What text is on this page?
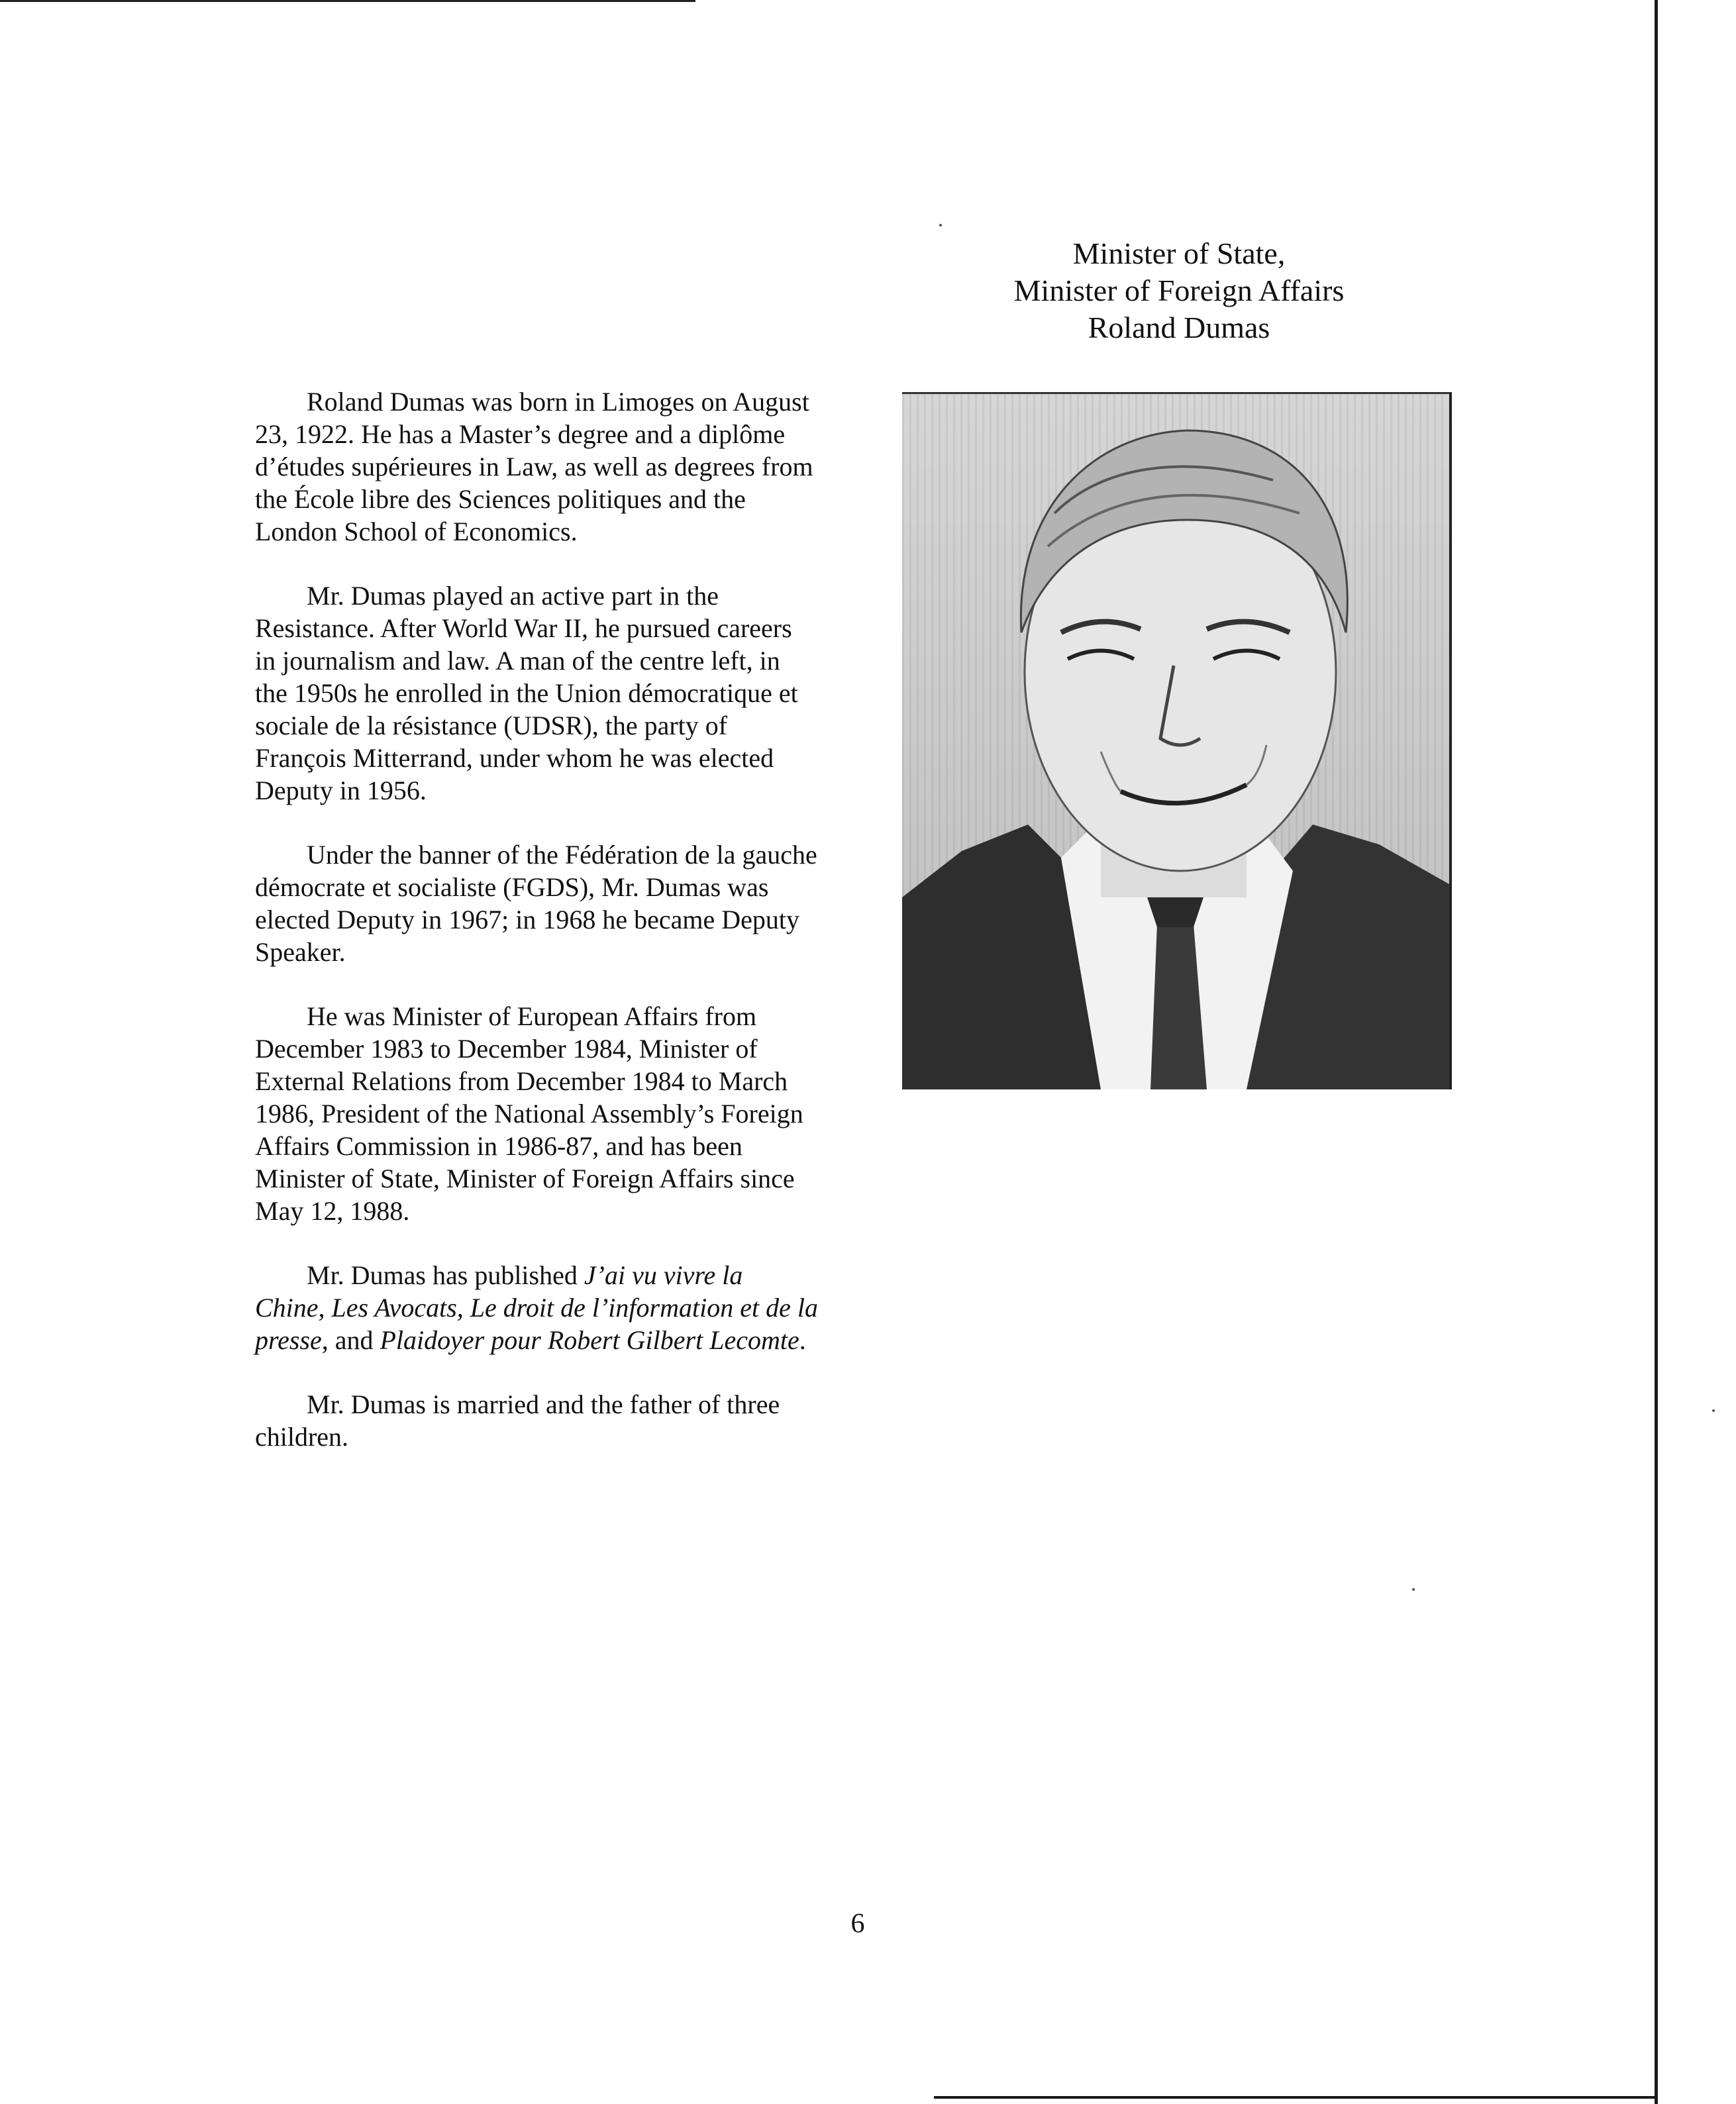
Minister of State,
Minister of Foreign Affairs
Roland Dumas

Roland Dumas was born in Limoges on August 23, 1922. He has a Master’s degree and a diplôme d’études supérieures in Law, as well as degrees from the École libre des Sciences politiques and the London School of Economics.

Mr. Dumas played an active part in the Resistance. After World War II, he pursued careers in journalism and law. A man of the centre left, in the 1950s he enrolled in the Union démocratique et sociale de la résistance (UDSR), the party of François Mitterrand, under whom he was elected Deputy in 1956.

Under the banner of the Fédération de la gauche démocrate et socialiste (FGDS), Mr. Dumas was elected Deputy in 1967; in 1968 he became Deputy Speaker.

He was Minister of European Affairs from December 1983 to December 1984, Minister of External Relations from December 1984 to March 1986, President of the National Assembly’s Foreign Affairs Commission in 1986-87, and has been Minister of State, Minister of Foreign Affairs since May 12, 1988.

Mr. Dumas has published J’ai vu vivre la Chine, Les Avocats, Le droit de l’information et de la presse, and Plaidoyer pour Robert Gilbert Lecomte.

Mr. Dumas is married and the father of three children.

6
